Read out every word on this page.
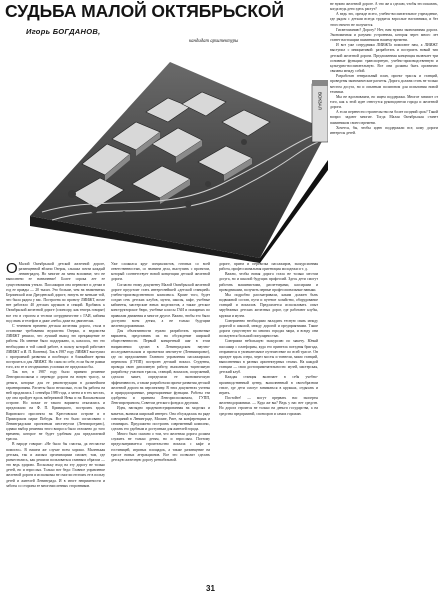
СУДЬБА МАЛОЙ ОКТЯБРЬСКОЙ
Игорь БОГДАНОВ,
кандидат архитектуры
ВОКЗАЛ
О Малой Октябрьской детской железной дороге, размещенной вблизи Озерок, слышал почти каждый ленинградец. Но многие ли меня вспомнят, что не выполнено ее назначение! Более сорока лет ее существования утекло. Пассажиров она перевозит и детям в год ее правды — 20 тысяч. Это больше, чем на знаменитых Берлинской или Дрезденской дороге, ничуть не меньше той, что была рядом у вас. Построена по проекту ЛИИЖТ, возле нее работало 40 детских кружков и секций. Вдобавок к Октябрьской железной дороге (спонсору, как теперь говорят) все это в строгом и тесном сотрудничестве с ГАИ, кабины под связь и телефон и даже «неба» даже на двигателях.

С течением времени детская железная дорога, стала в остановке требования ведомства Озерки, и ведомства ЛИИЖТ решило, что лучший выход это прекращение ее работы. Их мнение было поддержано, и, казалось, что это необходимо в той самой работе, в пользу которой работают ЛИИЖТ и И. П. Кизеева). Так в 1987 году ЛИИЖТ выступил с программой развития и пообещал: в ближайшее время построить и для ЛИИЖТ. Но сама по себе, если бы не рамки того, кто ее в сегодняшних условиях не предложил бы.

Так вот, в 1987 году было принято решение Ленгорисполкома о переводе дороги на новую трассу, за деньги, которые для ее реконструкции в дальнейшем гарантированы. Расчеты было несколько, если бы работы на ней продлились 1 сентября 1989 года, а затем и в тех местах, где она пройдет вдоль набережной Невы и на Васильевском острове. Но позже от такого варианта отказались и предложили на Ф. П. Кривицкого, построить вдоль Кировского проспекта на Крестовском острове и в Приморском парке Победы. Все это было согласовано с Ленинградским проектным институтом (Ленгипротранс), однако выбор решения этого вопроса было отложено до того времени, которое не будет удобным для предлагаемой трассы.

В народе говорят: «Не было бы счастья, да несчастье помогло». В нашем же случае всем хорошо. Маленькая детская, так и жилым организациям сможет, там, где разместились, как решили пользоваться главным образом — это ведь здорово. Поскольку вход на эту дорогу не только детей, но и взрослых. Только вот беда: Главное управление железной дороги и исполкомы не смогли отстоять ее в пользу детей и жителей Ленинграда. И в итоге неприятности и заботы со стороны ее многочисленных сторонников.

Уже сложился круг специалистов, готовых со всей ответственностью, со знанием дела, выступить с проектом, который соответствует новой концепции детской железной дороги.

Согласно этому документу Малой Октябрьской железной дороге предстоит стать интереснейшей «детской станцией» учебно-производственного комплекса. Кроме того, будет создан сеть детских клубов, музеи, школы, кафе, учебные кабинеты, мастерские юных моделистов, а также детское конструкторское бюро, учебные классы ГАИ и пожарных по правилам движения и многое другое. Важно, чтобы это было доступно всем детям, а не только будущим железнодорожникам.

Для объективности нужно разработать проектные варианты, представить их на обсуждение широкой общественности. Первый конкретный шаг в этом направлении сделан в Ленинградском научно-исследовательском и проектном институте (Ленниипроект), где по предложению Главного управления пассажирских перевозок (ГУПП) построен детский вокзал. Студенты, проводя свою дипломную работу, выполнили тщательную разработку участков трассы, станций, вокзалов, сооружений, сделали макет, определили ее экономическую эффективность, а также разработали проект развития детской железной дороги на перспективу. В этих документах учтены и природоохранные, рекреационные функции. Работы эти одобрены и приняты Ленгорисполкомом, ГУПП, Ленгипротрансом, Советом детского фонда и другими.

Идея, наглядно продемонстрированная на моделях и макетах, вызвала широкий интерес. Она обсуждалась на ряде совещаний в Ленинграде, Москве, Риге, на конференциях и семинарах. Предложено построить современный комплекс, сделать его удобным и доступным для жителей города.

Много было сказано о том, что железная дорога должна служить не только детям, но и взрослым. Поэтому предусматривается строительство вокзала с кафе и гостиницей, игровых площадок, а также размещение на трассе новых аттракционов. Все это позволит сделать детскую железную дорогу рентабельной.

дороге, прием и перевозка пассажиров, экскурсионная работа, профессиональная ориентация молодежи и т. д.

Важно, чтобы новая дорога стала не только местом досуга, но и школой будущих профессий. Здесь дети смогут работать машинистами, диспетчерами, кассирами и проводниками, получить первые профессиональные навыки.

Мы подробно рассматривали, каким должен быть подвижной состав, пути и путевое хозяйство, оборудование станций и вокзалов. Предлагается использовать опыт зарубежных детских железных дорог, где работают клубы, кружки и музеи.

Совершенно необходимо наладить тесную связь между дорогой и школой, между дорогой и предприятиями. Такие дороги существуют во многих городах мира, и всюду они пользуются большой популярностью.

Совершим небольшую экскурсию по макету. Юный пассажир с платформы, куда его привезла поездная бригада, отправится в увлекательное путешествие по всей трассе. Он проедет вдоль озера, через мосты и тоннели, мимо станций, выполненных в разных архитектурных стилях. На каждой станции — свои достопримечательности: музей, мастерская, детский клуб.

Каждая станция включает в себя учебно-производственный центр, выполненный в своеобразном стиле, где дети смогут заниматься в кружках, отдыхать и играть.

Постойте! — могут прервать нас эксперты железнодорожники. — Куда же вы? Ведь у нас нет средств. Но дорога строится не только на деньги государства, а на средства предприятий, спонсоров и самих горожан.

не нужно железной дороге. А что же я сделаю, чтобы это показать, когда ведь дети здесь растут?

А ведь это, прежде всего, учебно-воспитательное учреждение, где рядом с детьми всегда трудятся взрослые наставники, и без этого ничего не получится.

Гигантоманию? Дорогу? Нет, нам нужна экономичная дорога. Экономичная и разумно устроенная, которая через много лет станет настоящим памятником нашему времени.

И вот уже сотрудники ЛИИЖТа помогают нам, а ЛИИЖТ выступил с инициативой: разработать и построить новый тип детской железной дороги. Предложенная концепция включает три основные функции: транспортную, учебно-производственную и культурно-воспитательную. Все они должны быть органично связаны между собой.

Разработан генеральный план, проект трассы и станций, проведены экономические расчеты. Дорога должна стать не только местом досуга, но и опытным полигоном для испытания новой техники.

Мы не вдохновляем, но ищем поддержки. Многое зависит от того, как к этой идее отнесутся руководители города и железной дороги.

А если перенести строительство на более поздний срок? Такой вопрос задают многие. Тогда Малая Октябрьская станет памятником своего времени.

Хочется, бы, чтобы идею поддержали все, кому дороги интересы детей.

31
